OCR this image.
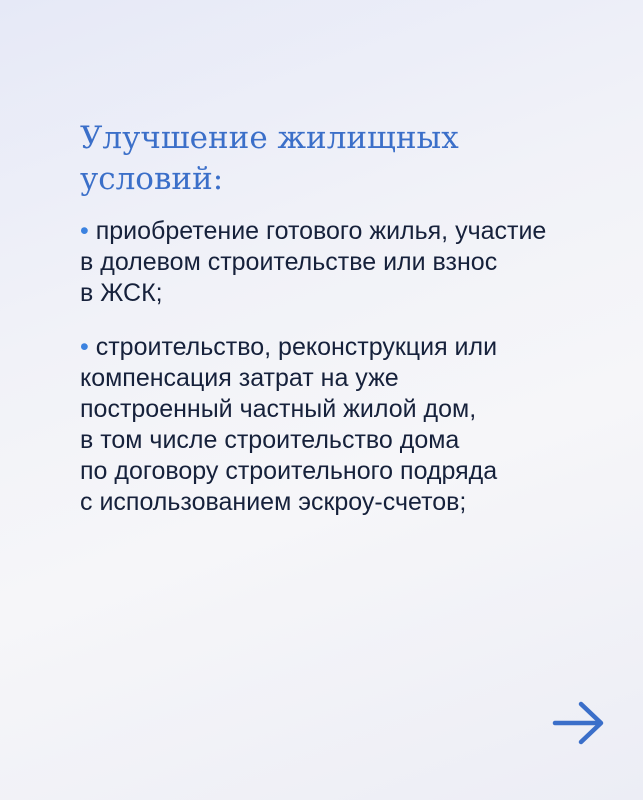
Улучшение жилищных
условий:
• приобретение готового жилья, участие
в долевом строительстве или взнос
в ЖСК;
• строительство, реконструкция или
компенсация затрат на уже
построенный частный жилой дом,
в том числе строительство дома
по договору строительного подряда
с использованием эскроу-счетов;
